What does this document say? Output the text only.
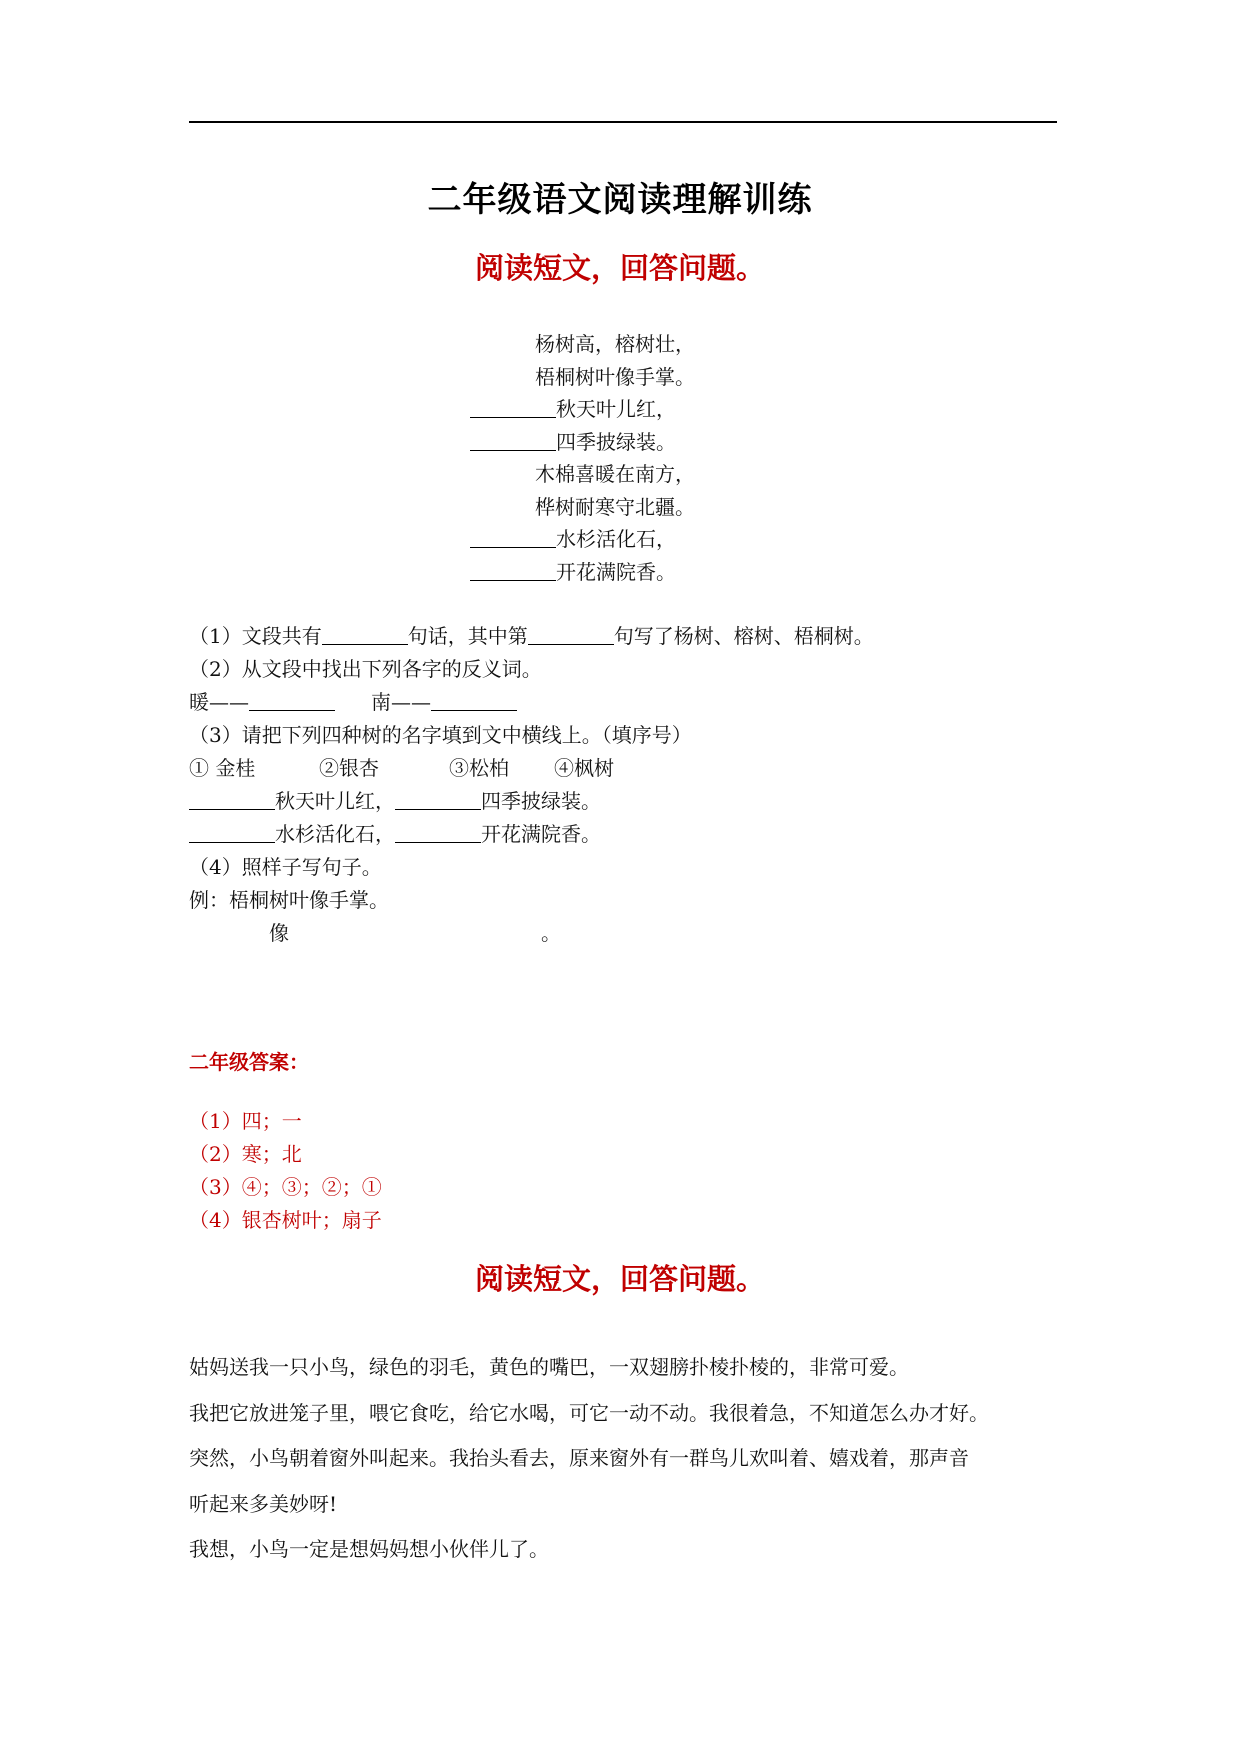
二年级语文阅读理解训练
阅读短文，回答问题。
杨树高，榕树壮，
梧桐树叶像手掌。
秋天叶儿红，
四季披绿装。
木棉喜暖在南方，
桦树耐寒守北疆。
水杉活化石，
开花满院香。
（1）文段共有	句话，其中第	句写了杨树、榕树、梧桐树。
（2）从文段中找出下列各字的反义词。
暖——	南——
（3）请把下列四种树的名字填到文中横线上。（填序号）
① 金桂	②银杏	③松柏 ④枫树
秋天叶儿红，	四季披绿装。
水杉活化石，	开花满院香。
（4）照样子写句子。
例：梧桐树叶像手掌。
像	。
二年级答案：
（1）四；一
（2）寒；北
（3）④；③；②；①
（4）银杏树叶；扇子
阅读短文，回答问题。
姑妈送我一只小鸟，绿色的羽毛，黄色的嘴巴，一双翅膀扑棱扑棱的，非常可爱。
我把它放进笼子里，喂它食吃，给它水喝，可它一动不动。我很着急，不知道怎么办才好。
突然，小鸟朝着窗外叫起来。我抬头看去，原来窗外有一群鸟儿欢叫着、嬉戏着，那声音
听起来多美妙呀!
我想，小鸟一定是想妈妈想小伙伴儿了。
